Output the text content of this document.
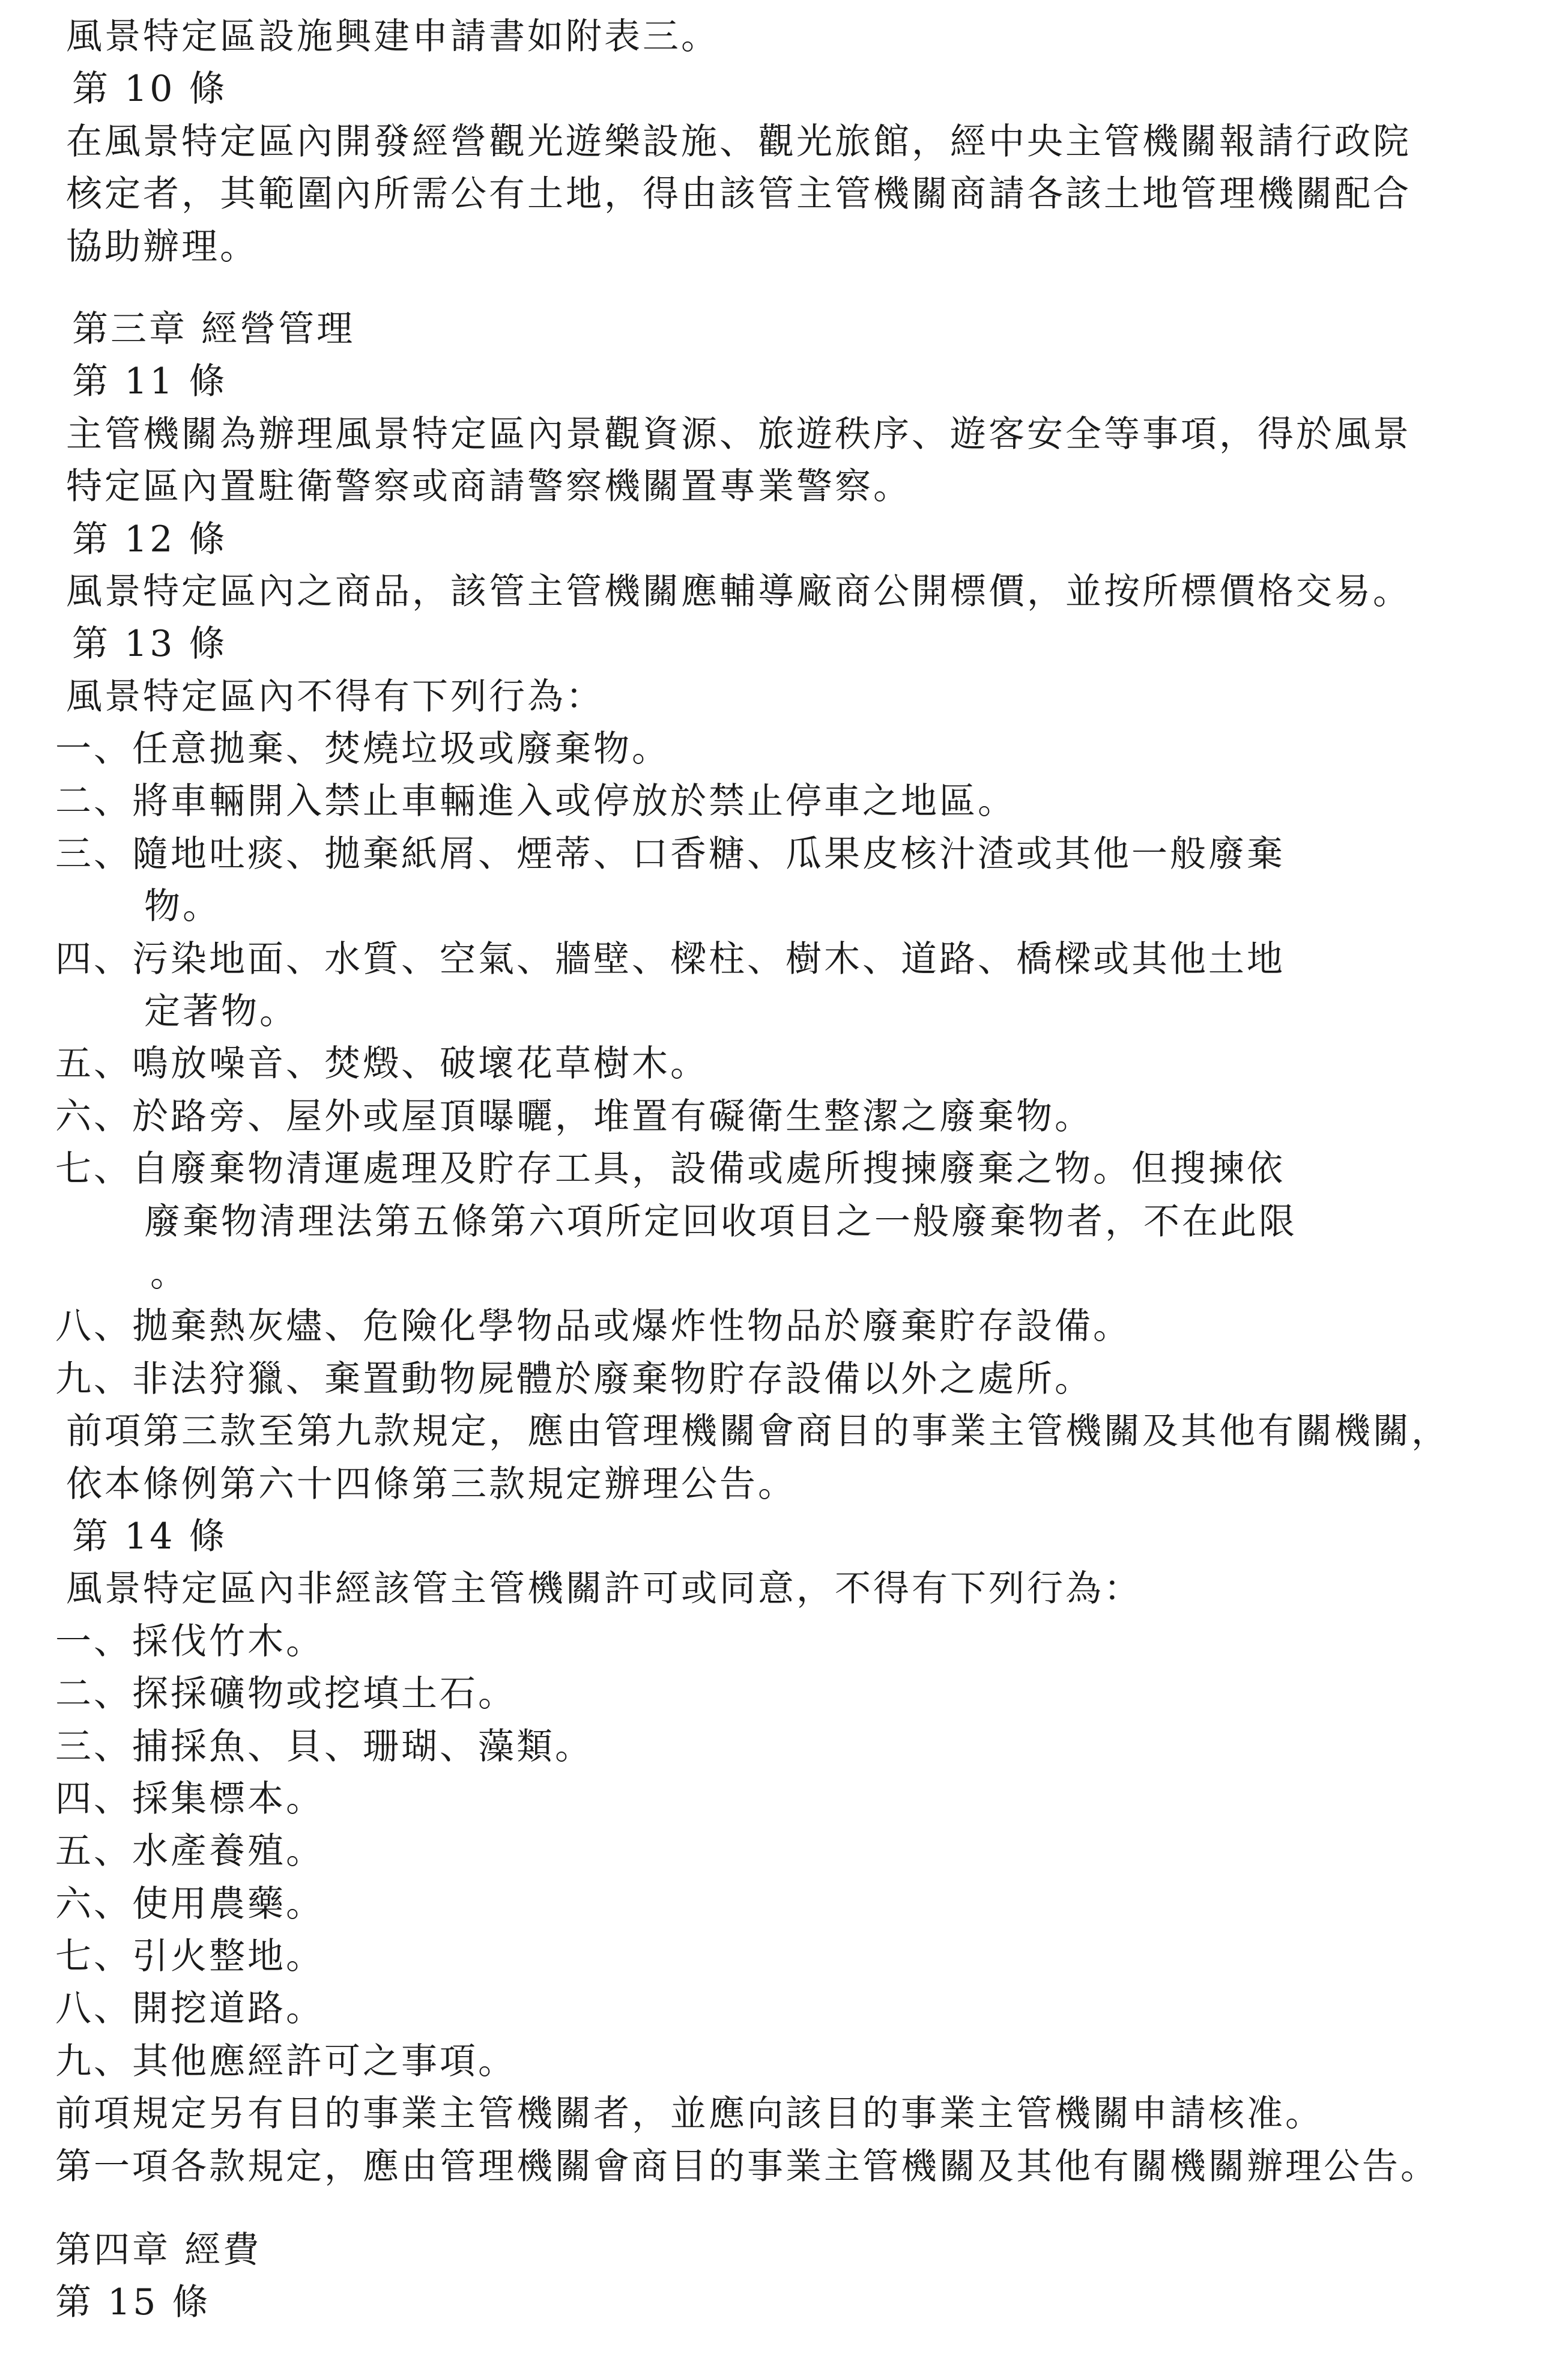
風景特定區設施興建申請書如附表三。
第 10 條
在風景特定區內開發經營觀光遊樂設施、觀光旅館，經中央主管機關報請行政院
核定者，其範圍內所需公有土地，得由該管主管機關商請各該土地管理機關配合
協助辦理。
第三章 經營管理
第 11 條
主管機關為辦理風景特定區內景觀資源、旅遊秩序、遊客安全等事項，得於風景
特定區內置駐衛警察或商請警察機關置專業警察。
第 12 條
風景特定區內之商品，該管主管機關應輔導廠商公開標價，並按所標價格交易。
第 13 條
風景特定區內不得有下列行為：
一、任意拋棄、焚燒垃圾或廢棄物。
二、將車輛開入禁止車輛進入或停放於禁止停車之地區。
三、隨地吐痰、拋棄紙屑、煙蒂、口香糖、瓜果皮核汁渣或其他一般廢棄
物。
四、污染地面、水質、空氣、牆壁、樑柱、樹木、道路、橋樑或其他土地
定著物。
五、鳴放噪音、焚燬、破壞花草樹木。
六、於路旁、屋外或屋頂曝曬，堆置有礙衛生整潔之廢棄物。
七、自廢棄物清運處理及貯存工具，設備或處所搜揀廢棄之物。但搜揀依
廢棄物清理法第五條第六項所定回收項目之一般廢棄物者，不在此限
。
八、拋棄熱灰燼、危險化學物品或爆炸性物品於廢棄貯存設備。
九、非法狩獵、棄置動物屍體於廢棄物貯存設備以外之處所。
前項第三款至第九款規定，應由管理機關會商目的事業主管機關及其他有關機關，
依本條例第六十四條第三款規定辦理公告。
第 14 條
風景特定區內非經該管主管機關許可或同意，不得有下列行為：
一、採伐竹木。
二、探採礦物或挖填土石。
三、捕採魚、貝、珊瑚、藻類。
四、採集標本。
五、水產養殖。
六、使用農藥。
七、引火整地。
八、開挖道路。
九、其他應經許可之事項。
前項規定另有目的事業主管機關者，並應向該目的事業主管機關申請核准。
第一項各款規定，應由管理機關會商目的事業主管機關及其他有關機關辦理公告。
第四章 經費
第 15 條
